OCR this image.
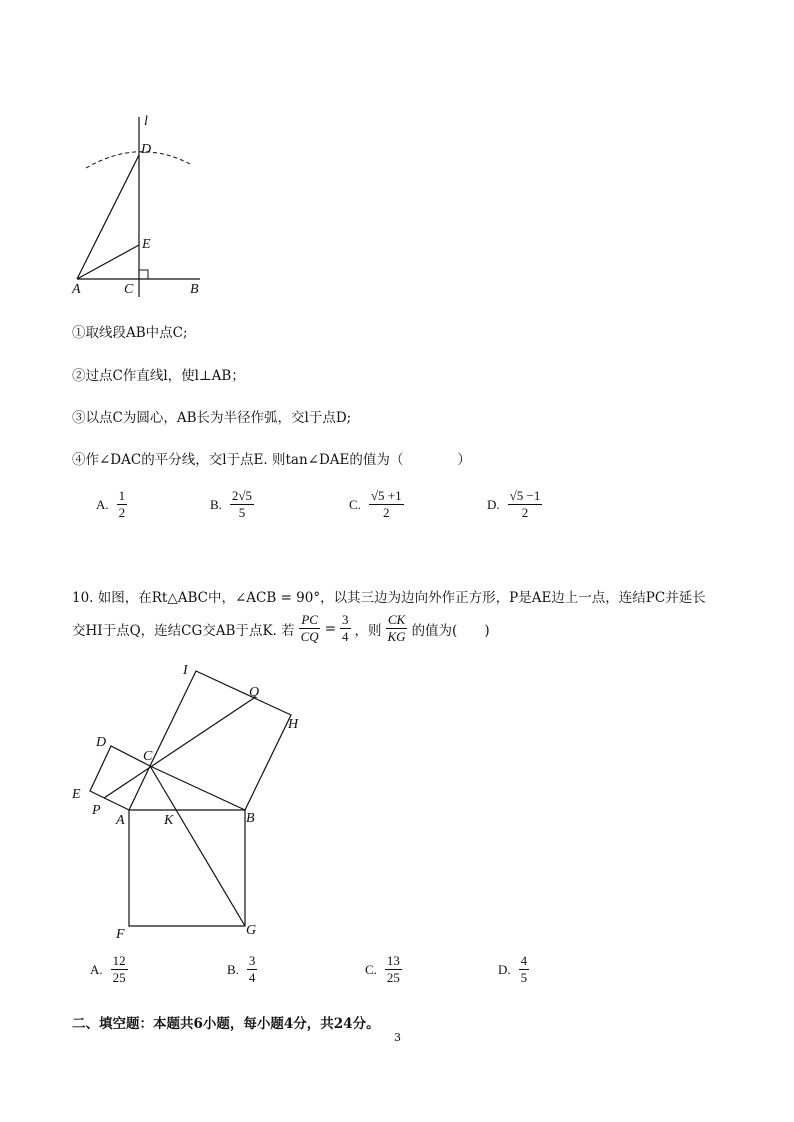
l
D
E
A	C	B
①取线段AB中点C;
②过点C作直线l，使l⊥AB；
③以点C为圆心，AB长为半径作弧，交l于点D;
④作∠DAC的平分线，交l于点E. 则tan∠DAE的值为（　　　　）
A. $\frac{1}{2}$	B. $\frac{2√5}{5}$	C. $\frac{√5 +1}{2}$	D. $\frac{√5 -1}{2}$
10. 如图，在Rt△ABC中，∠ACB = 90°，以其三边为边向外作正方形，P是AE边上一点，连结PC并延长
交HI于点Q，连结CG交AB于点K. 若 $\frac{PC}{CQ} = \frac{3}{4}$ ，则 $\frac{CK}{KG}$ 的值为(　　)
I
Q
H
D
C
E
P
A	K	B
F	G
A. $\frac{12}{25}$	B. $\frac{3}{4}$	C. $\frac{13}{25}$	D. $\frac{4}{5}$
二、填空题：本题共6小题，每小题4分，共24分。
3
